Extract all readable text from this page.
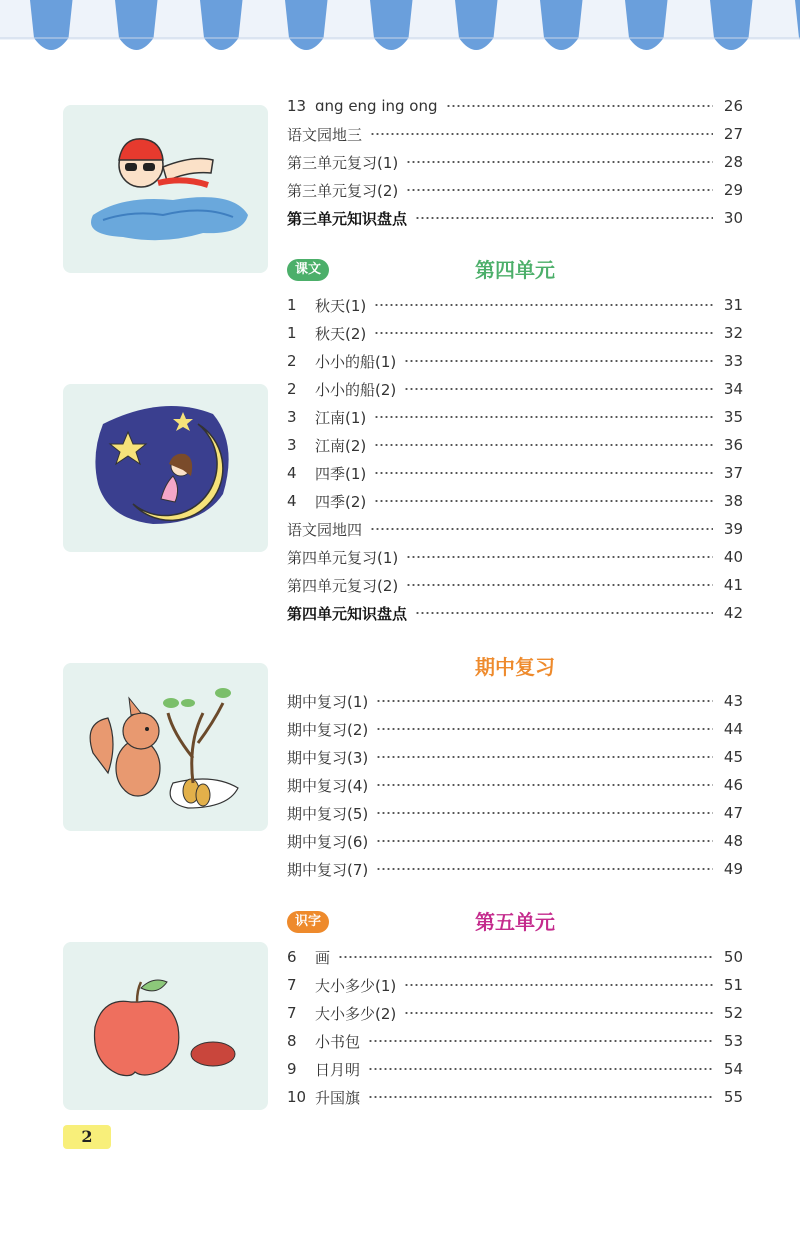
13 ɑng eng ing ong	26
语文园地三	27
第三单元复习(1)	28
第三单元复习(2)	29
第三单元知识盘点	30
课文	第四单元
1	秋天(1)	31
1	秋天(2)	32
2	小小的船(1)	33
2	小小的船(2)	34
3	江南(1)	35
3	江南(2)	36
4	四季(1)	37
4	四季(2)	38
语文园地四	39
第四单元复习(1)	40
第四单元复习(2)	41
第四单元知识盘点	42
期中复习
期中复习(1)	43
期中复习(2)	44
期中复习(3)	45
期中复习(4)	46
期中复习(5)	47
期中复习(6)	48
期中复习(7)	49
识字	第五单元
6	画	50
7	大小多少(1)	51
7	大小多少(2)	52
8	小书包	53
9	日月明	54
10 升国旗	55
2
